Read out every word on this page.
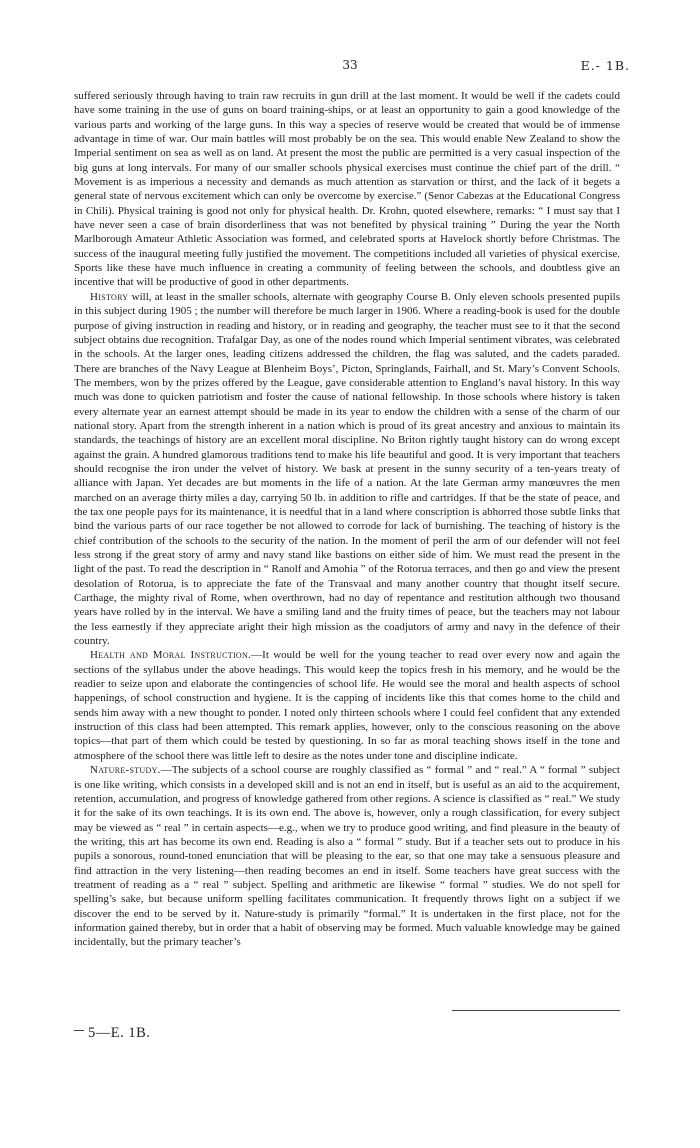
33	E.- 1B.

suffered seriously through having to train raw recruits in gun drill at the last moment. It would be well if the cadets could have some training in the use of guns on board training-ships, or at least an opportunity to gain a good knowledge of the various parts and working of the large guns. In this way a species of reserve would be created that would be of immense advantage in time of war. Our main battles will most probably be on the sea. This would enable New Zealand to show the Imperial sentiment on sea as well as on land. At present the most the public are permitted is a very casual inspection of the big guns at long intervals. For many of our smaller schools physical exercises must continue the chief part of the drill. “ Movement is as imperious a necessity and demands as much attention as starvation or thirst, and the lack of it begets a general state of nervous excitement which can only be overcome by exercise.” (Senor Cabezas at the Educational Congress in Chili). Physical training is good not only for physical health. Dr. Krohn, quoted elsewhere, remarks: “ I must say that I have never seen a case of brain disorderliness that was not benefited by physical training ” During the year the North Marlborough Amateur Athletic Association was formed, and celebrated sports at Havelock shortly before Christmas. The success of the inaugural meeting fully justified the movement. The competitions included all varieties of physical exercise. Sports like these have much influence in creating a community of feeling between the schools, and doubtless give an incentive that will be productive of good in other departments.

History will, at least in the smaller schools, alternate with geography Course B. Only eleven schools presented pupils in this subject during 1905 ; the number will therefore be much larger in 1906. Where a reading-book is used for the double purpose of giving instruction in reading and history, or in reading and geography, the teacher must see to it that the second subject obtains due recognition. Trafalgar Day, as one of the nodes round which Imperial sentiment vibrates, was celebrated in the schools. At the larger ones, leading citizens addressed the children, the flag was saluted, and the cadets paraded. There are branches of the Navy League at Blenheim Boys’, Picton, Springlands, Fairhall, and St. Mary’s Convent Schools. The members, won by the prizes offered by the League, gave considerable attention to England’s naval history. In this way much was done to quicken patriotism and foster the cause of national fellowship. In those schools where history is taken every alternate year an earnest attempt should be made in its year to endow the children with a sense of the charm of our national story. Apart from the strength inherent in a nation which is proud of its great ancestry and anxious to maintain its standards, the teachings of history are an excellent moral discipline. No Briton rightly taught history can do wrong except against the grain. A hundred glamorous traditions tend to make his life beautiful and good. It is very important that teachers should recognise the iron under the velvet of history. We bask at present in the sunny security of a ten-years treaty of alliance with Japan. Yet decades are but moments in the life of a nation. At the late German army manœuvres the men marched on an average thirty miles a day, carrying 50 lb. in addition to rifle and cartridges. If that be the state of peace, and the tax one people pays for its maintenance, it is needful that in a land where conscription is abhorred those subtle links that bind the various parts of our race together be not allowed to corrode for lack of burnishing. The teaching of history is the chief contribution of the schools to the security of the nation. In the moment of peril the arm of our defender will not feel less strong if the great story of army and navy stand like bastions on either side of him. We must read the present in the light of the past. To read the description in “ Ranolf and Amohia ” of the Rotorua terraces, and then go and view the present desolation of Rotorua, is to appreciate the fate of the Transvaal and many another country that thought itself secure. Carthage, the mighty rival of Rome, when overthrown, had no day of repentance and restitution although two thousand years have rolled by in the interval. We have a smiling land and the fruity times of peace, but the teachers may not labour the less earnestly if they appreciate aright their high mission as the coadjutors of army and navy in the defence of their country.

Health and Moral Instruction.—It would be well for the young teacher to read over every now and again the sections of the syllabus under the above headings. This would keep the topics fresh in his memory, and he would be the readier to seize upon and elaborate the contingencies of school life. He would see the moral and health aspects of school happenings, of school construction and hygiene. It is the capping of incidents like this that comes home to the child and sends him away with a new thought to ponder. I noted only thirteen schools where I could feel confident that any extended instruction of this class had been attempted. This remark applies, however, only to the conscious reasoning on the above topics—that part of them which could be tested by questioning. In so far as moral teaching shows itself in the tone and atmosphere of the school there was little left to desire as the notes under tone and discipline indicate.

Nature-study.—The subjects of a school course are roughly classified as “ formal ” and “ real.” A “ formal ” subject is one like writing, which consists in a developed skill and is not an end in itself, but is useful as an aid to the acquirement, retention, accumulation, and progress of knowledge gathered from other regions. A science is classified as “ real.” We study it for the sake of its own teachings. It is its own end. The above is, however, only a rough classification, for every subject may be viewed as “ real ” in certain aspects—e.g., when we try to produce good writing, and find pleasure in the beauty of the writing, this art has become its own end. Reading is also a “ formal ” study. But if a teacher sets out to produce in his pupils a sonorous, round-toned enunciation that will be pleasing to the ear, so that one may take a sensuous pleasure and find attraction in the very listening—then reading becomes an end in itself. Some teachers have great success with the treatment of reading as a “ real ” subject. Spelling and arithmetic are likewise “ formal ” studies. We do not spell for spelling’s sake, but because uniform spelling facilitates communication. It frequently throws light on a subject if we discover the end to be served by it. Nature-study is primarily “formal.” It is undertaken in the first place, not for the information gained thereby, but in order that a habit of observing may be formed. Much valuable knowledge may be gained incidentally, but the primary teacher’s

5—E. 1B.
